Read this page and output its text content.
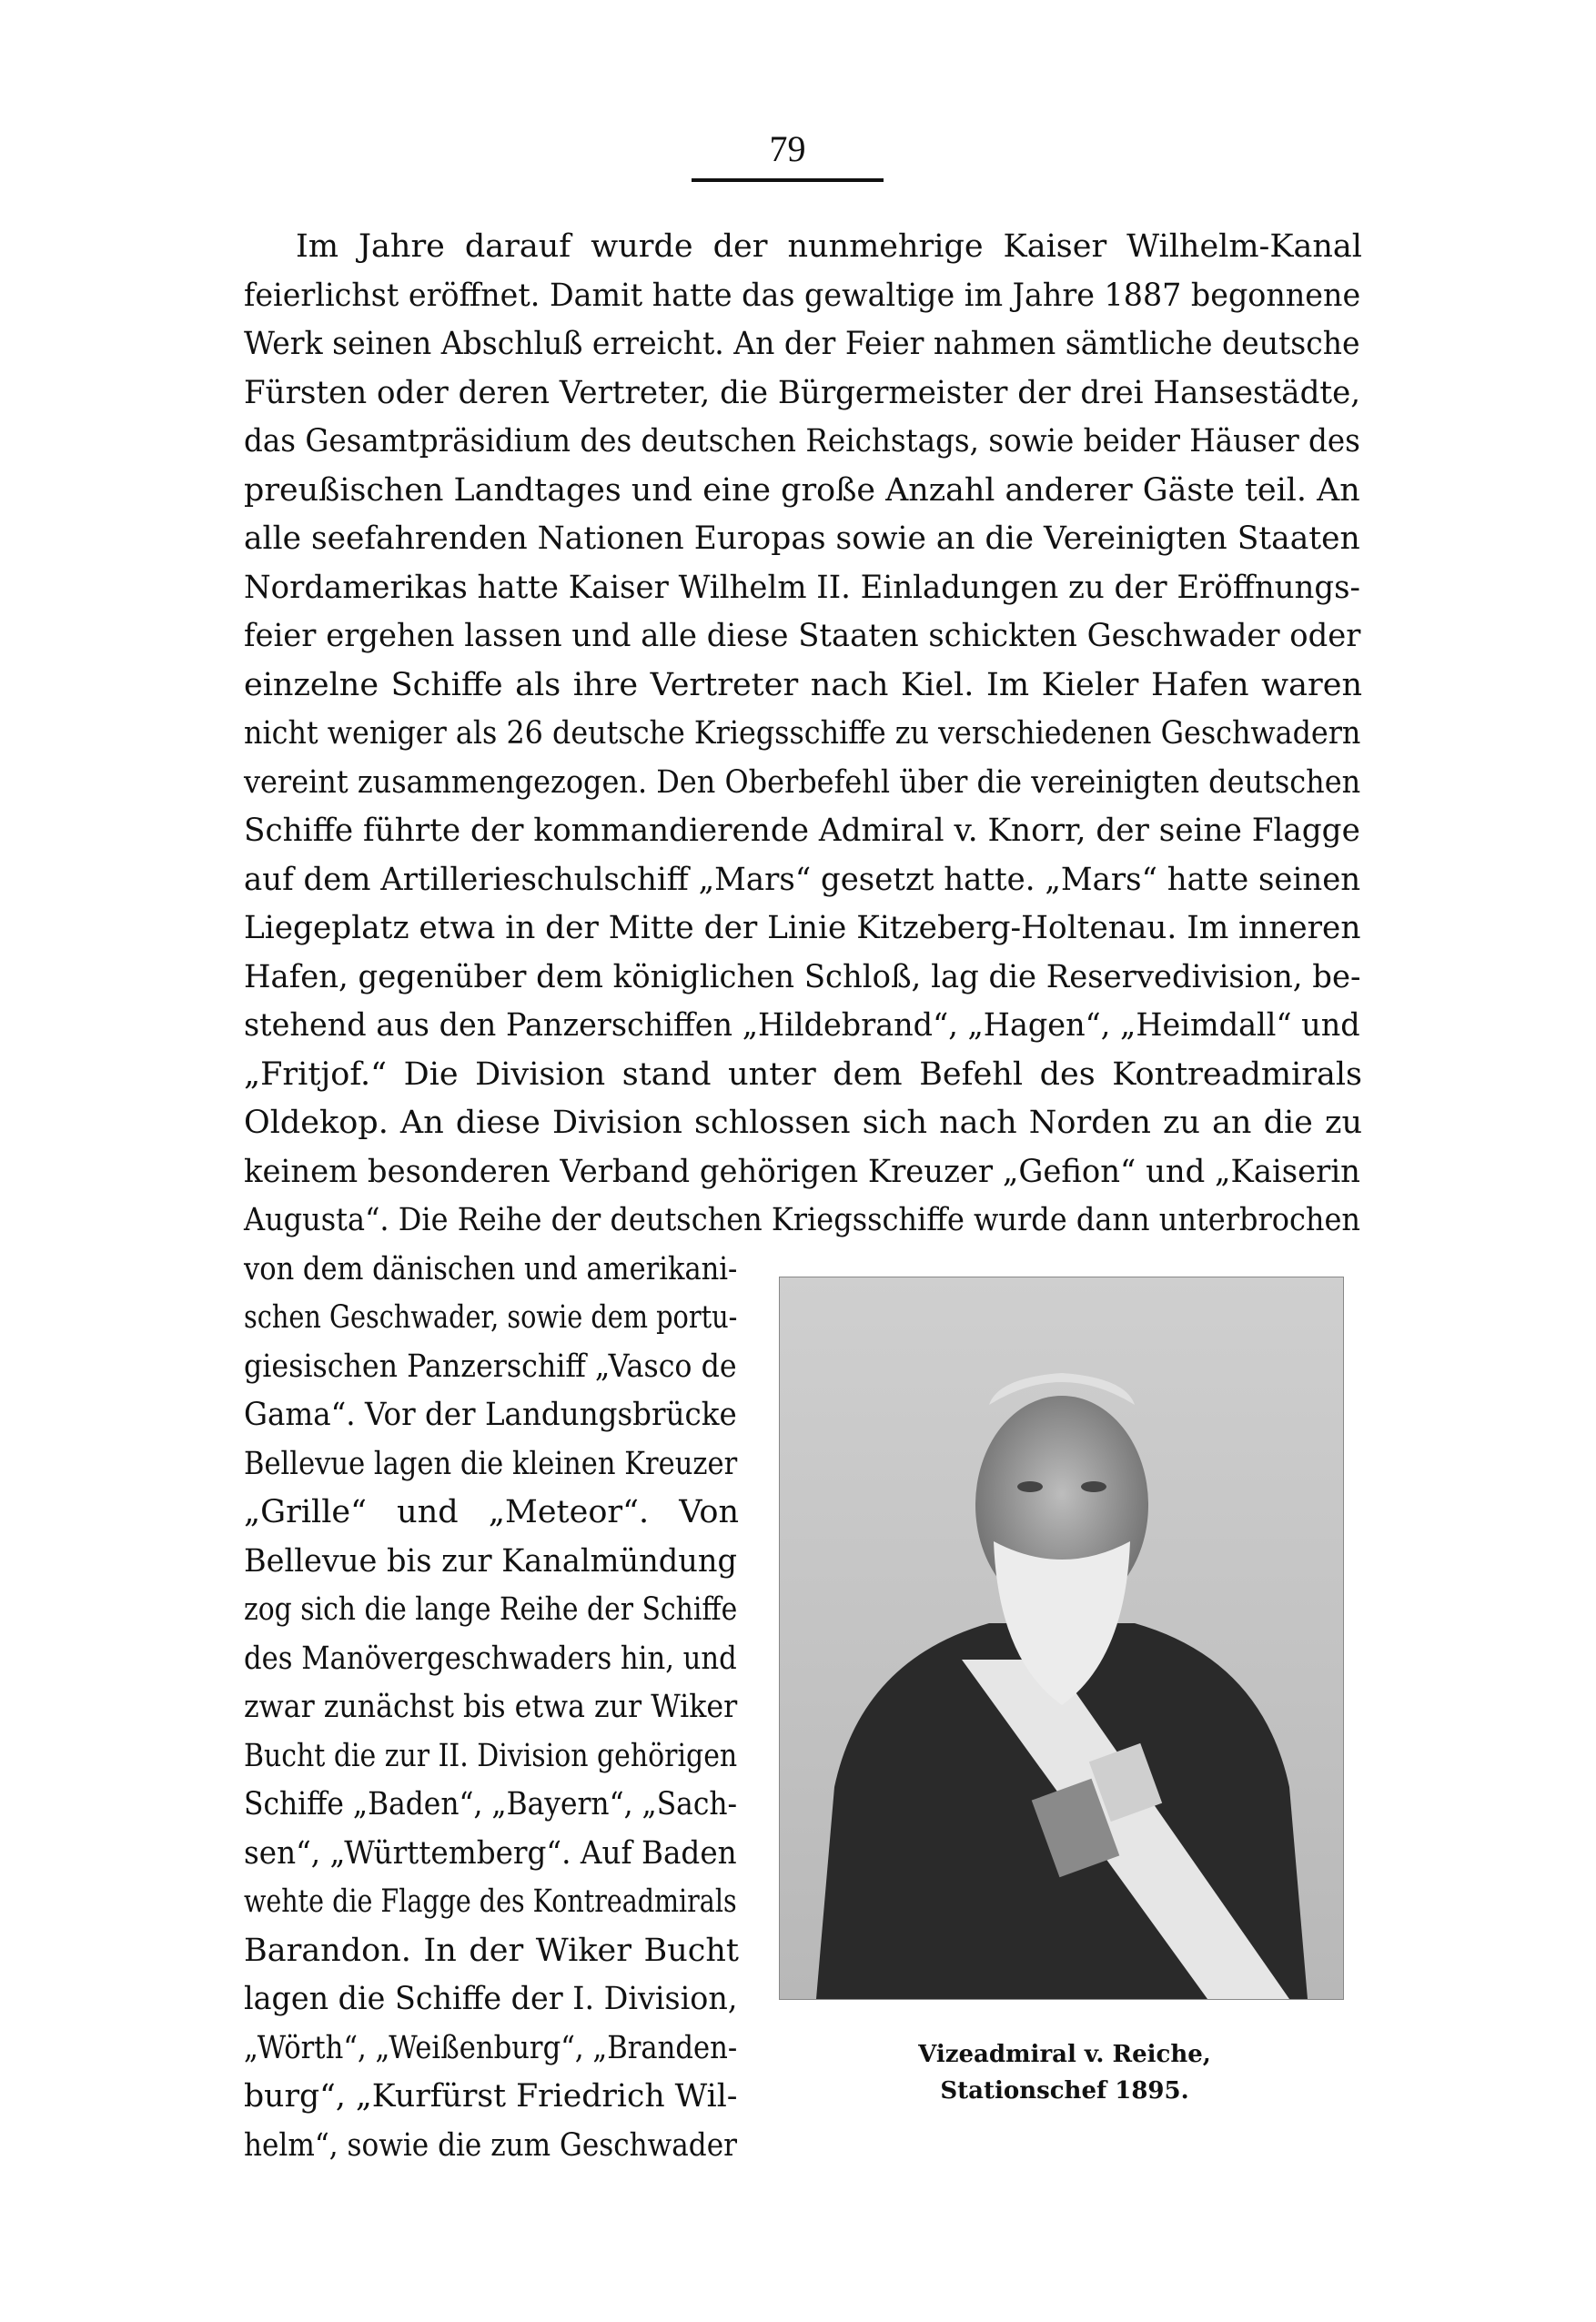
79
Im Jahre darauf wurde der nunmehrige Kaiser Wilhelm-Kanal
feierlichst eröffnet. Damit hatte das gewaltige im Jahre 1887 begonnene
Werk seinen Abschluß erreicht. An der Feier nahmen sämtliche deutsche
Fürsten oder deren Vertreter, die Bürgermeister der drei Hansestädte,
das Gesamtpräsidium des deutschen Reichstags, sowie beider Häuser des
preußischen Landtages und eine große Anzahl anderer Gäste teil. An
alle seefahrenden Nationen Europas sowie an die Vereinigten Staaten
Nordamerikas hatte Kaiser Wilhelm II. Einladungen zu der Eröffnungs-
feier ergehen lassen und alle diese Staaten schickten Geschwader oder
einzelne Schiffe als ihre Vertreter nach Kiel. Im Kieler Hafen waren
nicht weniger als 26 deutsche Kriegsschiffe zu verschiedenen Geschwadern
vereint zusammengezogen. Den Oberbefehl über die vereinigten deutschen
Schiffe führte der kommandierende Admiral v. Knorr, der seine Flagge
auf dem Artillerieschulschiff „Mars“ gesetzt hatte. „Mars“ hatte seinen
Liegeplatz etwa in der Mitte der Linie Kitzeberg-Holtenau. Im inneren
Hafen, gegenüber dem königlichen Schloß, lag die Reservedivision, be-
stehend aus den Panzerschiffen „Hildebrand“, „Hagen“, „Heimdall“ und
„Fritjof.“ Die Division stand unter dem Befehl des Kontreadmirals
Oldekop. An diese Division schlossen sich nach Norden zu an die zu
keinem besonderen Verband gehörigen Kreuzer „Gefion“ und „Kaiserin
Augusta“. Die Reihe der deutschen Kriegsschiffe wurde dann unterbrochen
von dem dänischen und amerikani-
schen Geschwader, sowie dem portu-
giesischen Panzerschiff „Vasco de
Gama“. Vor der Landungsbrücke
Bellevue lagen die kleinen Kreuzer
„Grille“ und „Meteor“. Von
Bellevue bis zur Kanalmündung
zog sich die lange Reihe der Schiffe
des Manövergeschwaders hin, und
zwar zunächst bis etwa zur Wiker
Bucht die zur II. Division gehörigen
Schiffe „Baden“, „Bayern“, „Sach-
sen“, „Württemberg“. Auf Baden
wehte die Flagge des Kontreadmirals
Barandon. In der Wiker Bucht
lagen die Schiffe der I. Division,
„Wörth“, „Weißenburg“, „Branden-
burg“, „Kurfürst Friedrich Wil-
helm“, sowie die zum Geschwader
Vizeadmiral v. Reiche,
Stationschef 1895.
